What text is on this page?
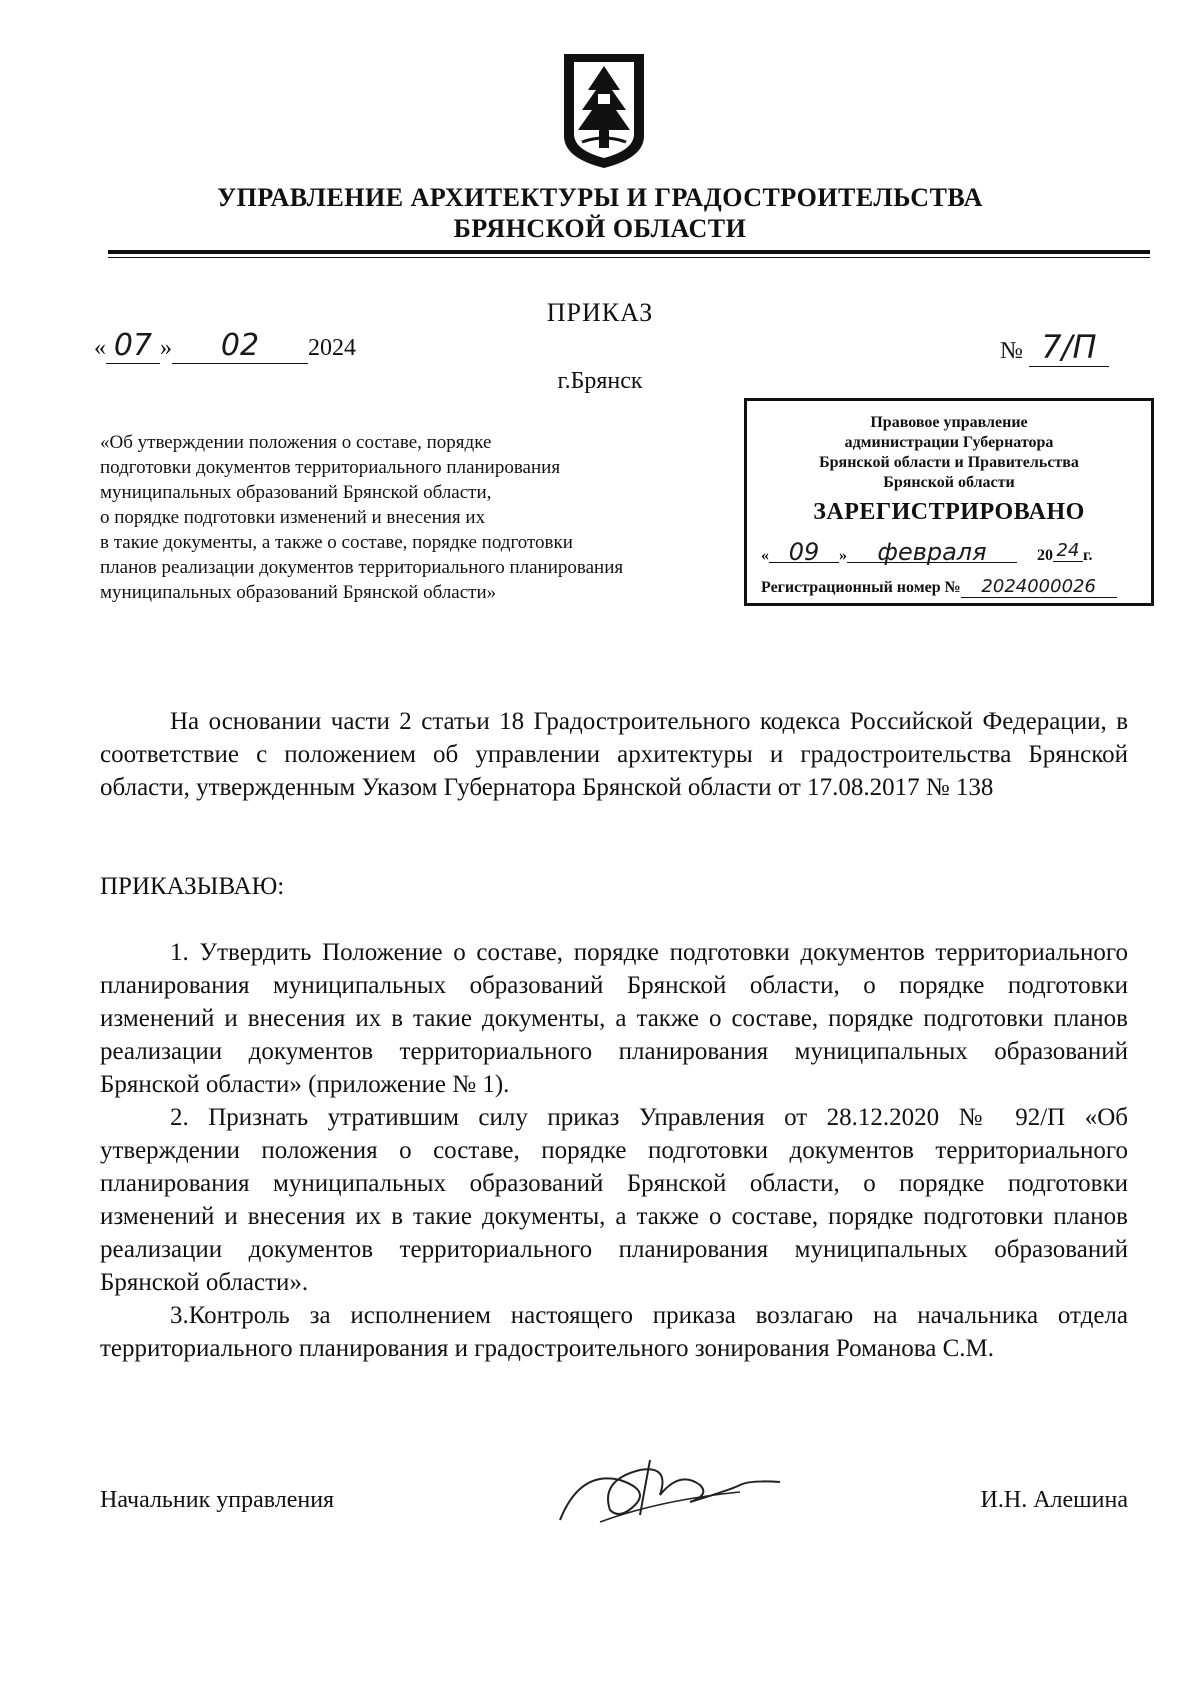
УПРАВЛЕНИЕ АРХИТЕКТУРЫ И ГРАДОСТРОИТЕЛЬСТВА
БРЯНСКОЙ ОБЛАСТИ
ПРИКАЗ
« 07 » 02 2024	№ 7/П
г.Брянск
«Об утверждении положения о составе, порядке
подготовки документов территориального планирования
муниципальных образований Брянской области,
о порядке подготовки изменений и внесения их
в такие документы, а также о составе, порядке подготовки
планов реализации документов территориального планирования
муниципальных образований Брянской области»
Правовое управление
администрации Губернатора
Брянской области и Правительства
Брянской области
ЗАРЕГИСТРИРОВАНО
« 09 » февраля	20 24 г.
Регистрационный номер № 2024000026
На основании части 2 статьи 18 Градостроительного кодекса Российской Федерации, в соответствие с положением об управлении архитектуры и градостроительства Брянской области, утвержденным Указом Губернатора Брянской области от 17.08.2017 № 138
ПРИКАЗЫВАЮ:
1. Утвердить Положение о составе, порядке подготовки документов территориального планирования муниципальных образований Брянской области, о порядке подготовки изменений и внесения их в такие документы, а также о составе, порядке подготовки планов реализации документов территориального планирования муниципальных образований Брянской области» (приложение № 1).
2. Признать утратившим силу приказ Управления от 28.12.2020 № 92/П «Об утверждении положения о составе, порядке подготовки документов территориального планирования муниципальных образований Брянской области, о порядке подготовки изменений и внесения их в такие документы, а также о составе, порядке подготовки планов реализации документов территориального планирования муниципальных образований Брянской области».
3.Контроль за исполнением настоящего приказа возлагаю на начальника отдела территориального планирования и градостроительного зонирования Романова С.М.
Начальник управления	И.Н. Алешина
